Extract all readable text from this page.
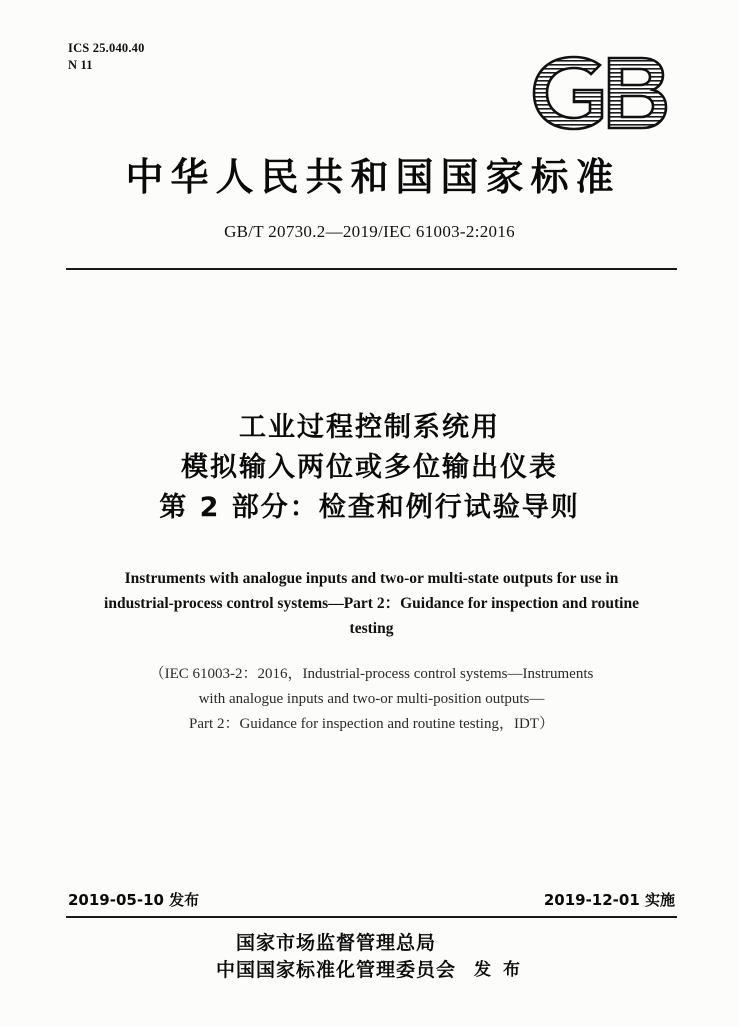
ICS 25.040.40
N 11
中华人民共和国国家标准
GB/T 20730.2—2019/IEC 61003-2:2016
工业过程控制系统用
模拟输入两位或多位输出仪表
第 2 部分：检查和例行试验导则
Instruments with analogue inputs and two-or multi-state outputs for use in industrial-process control systems—Part 2：Guidance for inspection and routine testing
（IEC 61003-2：2016，Industrial-process control systems—Instruments
with analogue inputs and two-or multi-position outputs—
Part 2：Guidance for inspection and routine testing，IDT）
2019-05-10 发布	2019-12-01 实施
国家市场监督管理总局
中国国家标准化管理委员会 发 布
